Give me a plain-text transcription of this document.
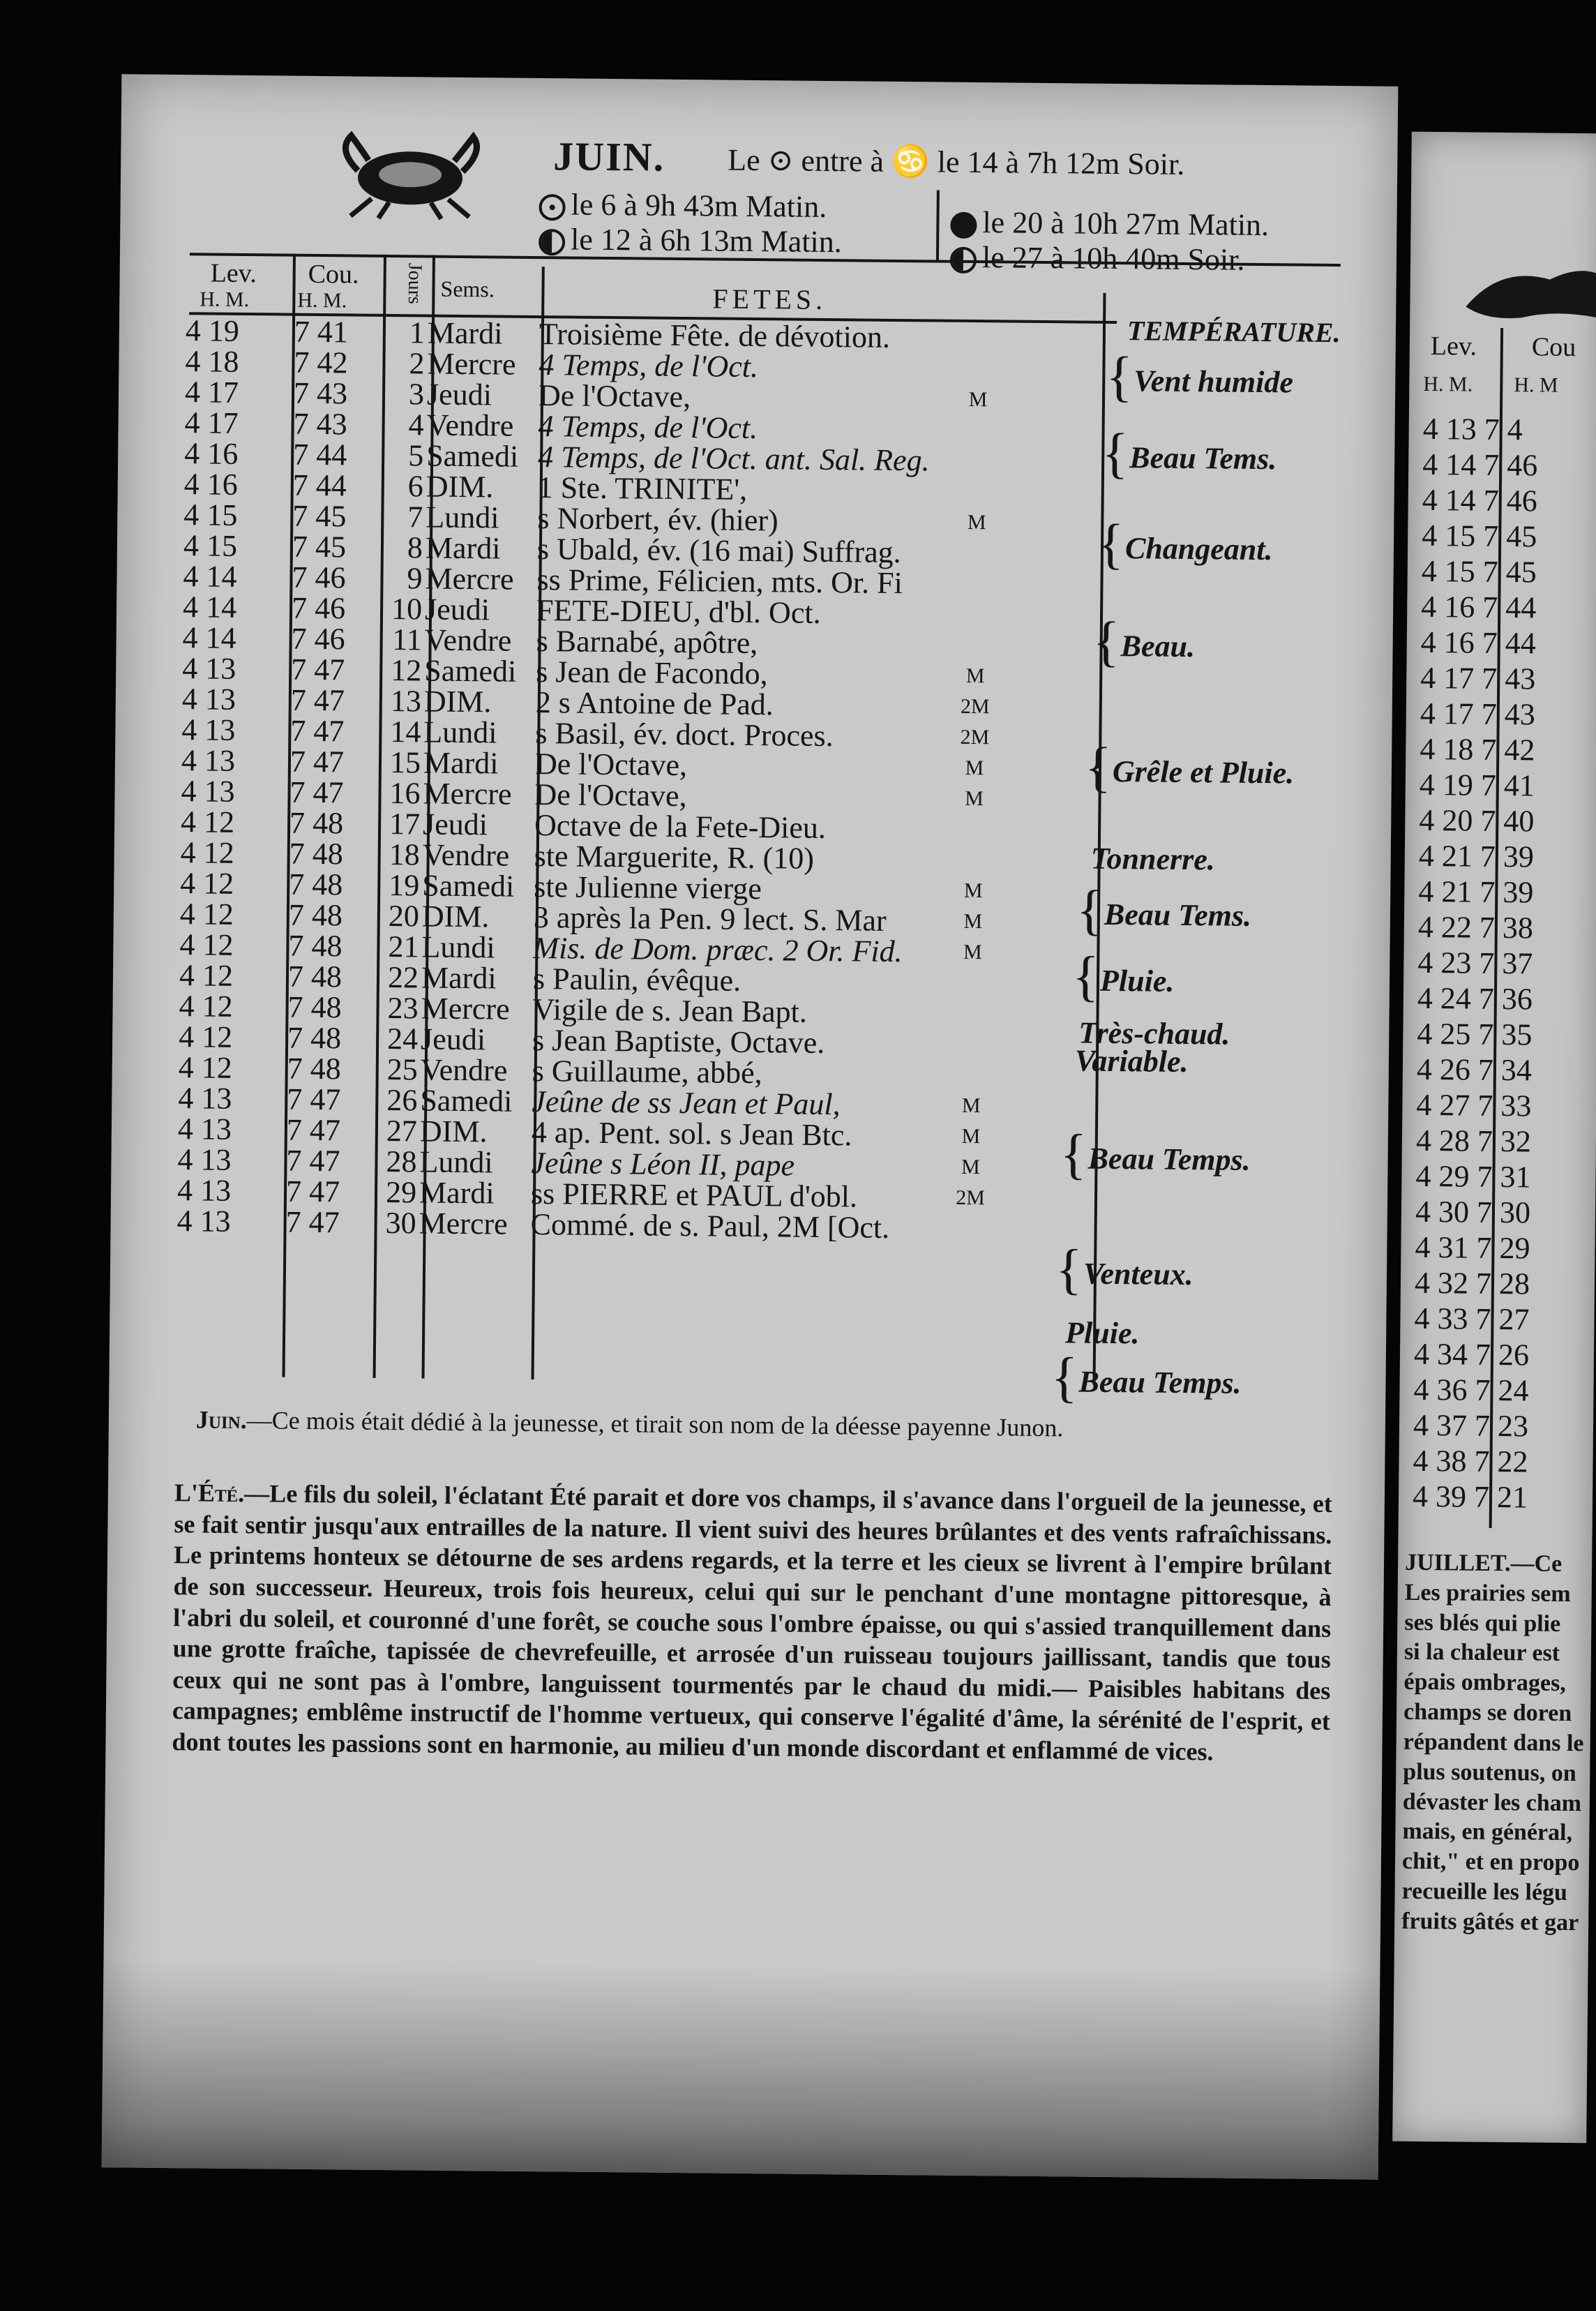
JUIN. Le ⊙ entre à ♋ le 14 à 7h 12m Soir.
le 6 à 9h 43m Matin.
le 12 à 6h 13m Matin.	le 20 à 10h 27m Matin.
le 27 à 10h 40m Soir.
Lev. Cou.
H. M. H. M.	Jours Sems.	FETES.
TEMPÉRATURE.
4 19	7 41	1	Mardi	Troisième Fête. de dévotion.	
4 18	7 42	2	Mercre	4 Temps, de l'Oct.	
4 17	7 43	3	Jeudi	De l'Octave,	M
4 17	7 43	4	Vendre	4 Temps, de l'Oct.	
4 16	7 44	5	Samedi	4 Temps, de l'Oct. ant. Sal. Reg.	
4 16	7 44	6	DIM.	1 Ste. TRINITE',	
4 15	7 45	7	Lundi	s Norbert, év. (hier)	M
4 15	7 45	8	Mardi	s Ubald, év. (16 mai) Suffrag.	
4 14	7 46	9	Mercre	ss Prime, Félicien, mts. Or. Fi	
4 14	7 46	10	Jeudi	FETE-DIEU, d'bl. Oct.	
4 14	7 46	11	Vendre	s Barnabé, apôtre,	
4 13	7 47	12	Samedi	s Jean de Facondo,	M
4 13	7 47	13	DIM.	2 s Antoine de Pad.	2M
4 13	7 47	14	Lundi	s Basil, év. doct. Proces.	2M
4 13	7 47	15	Mardi	De l'Octave,	M
4 13	7 47	16	Mercre	De l'Octave,	M
4 12	7 48	17	Jeudi	Octave de la Fete-Dieu.	
4 12	7 48	18	Vendre	ste Marguerite, R. (10)	
4 12	7 48	19	Samedi	ste Julienne vierge	M
4 12	7 48	20	DIM.	3 après la Pen. 9 lect. S. Mar	M
4 12	7 48	21	Lundi	Mis. de Dom. præc. 2 Or. Fid.	M
4 12	7 48	22	Mardi	s Paulin, évêque.	
4 12	7 48	23	Mercre	Vigile de s. Jean Bapt.	
4 12	7 48	24	Jeudi	s Jean Baptiste, Octave.	
4 12	7 48	25	Vendre	s Guillaume, abbé,	
4 13	7 47	26	Samedi	Jeûne de ss Jean et Paul,	M
4 13	7 47	27	DIM.	4 ap. Pent. sol. s Jean Btc.	M
4 13	7 47	28	Lundi	Jeûne s Léon II, pape	M
4 13	7 47	29	Mardi	ss PIERRE et PAUL d'obl.	2M
4 13	7 47	30	Mercre	Commé. de s. Paul, 2M [Oct.	
{ Vent humide
{ Beau Tems.
{ Changeant.
{ Beau.
{ Grêle et Pluie.
Tonnerre.
{ Beau Tems.
{ Pluie.
Très-chaud.
Variable.
{ Beau Temps.
{ Venteux.
Pluie.
{ Beau Temps.
Juin.—Ce mois était dédié à la jeunesse, et tirait son nom de la déesse payenne Junon.
L'Été.—Le fils du soleil, l'éclatant Été parait et dore vos champs, il s'avance dans l'orgueil de la jeunesse, et se fait sentir jusqu'aux entrailles de la nature. Il vient suivi des heures brûlantes et des vents rafraîchissans. Le printems honteux se détourne de ses ardens regards, et la terre et les cieux se livrent à l'empire brûlant de son successeur. Heureux, trois fois heureux, celui qui sur le penchant d'une montagne pittoresque, à l'abri du soleil, et couronné d'une forêt, se couche sous l'ombre épaisse, ou qui s'assied tranquillement dans une grotte fraîche, tapissée de chevrefeuille, et arrosée d'un ruisseau toujours jaillissant, tandis que tous ceux qui ne sont pas à l'ombre, languissent tourmentés par le chaud du midi.— Paisibles habitans des campagnes; emblême instructif de l'homme vertueux, qui conserve l'égalité d'âme, la sérénité de l'esprit, et dont toutes les passions sont en harmonie, au milieu d'un monde discordant et enflammé de vices.
Lev. Cou
H. M. H. M
4 13 7 4
4 14 7 46
4 14 7 46
4 15 7 45
4 15 7 45
4 16 7 44
4 16 7 44
4 17 7 43
4 17 7 43
4 18 7 42
4 19 7 41
4 20 7 40
4 21 7 39
4 21 7 39
4 22 7 38
4 23 7 37
4 24 7 36
4 25 7 35
4 26 7 34
4 27 7 33
4 28 7 32
4 29 7 31
4 30 7 30
4 31 7 29
4 32 7 28
4 33 7 27
4 34 7 26
4 36 7 24
4 37 7 23
4 38 7 22
4 39 7 21
JUILLET.—Ce
Les prairies sem
ses blés qui plie
si la chaleur est
épais ombrages,
champs se doren
répandent dans le
plus soutenus, on
dévaster les cham
mais, en général,
chit," et en propo
recueille les légu
fruits gâtés et gar
